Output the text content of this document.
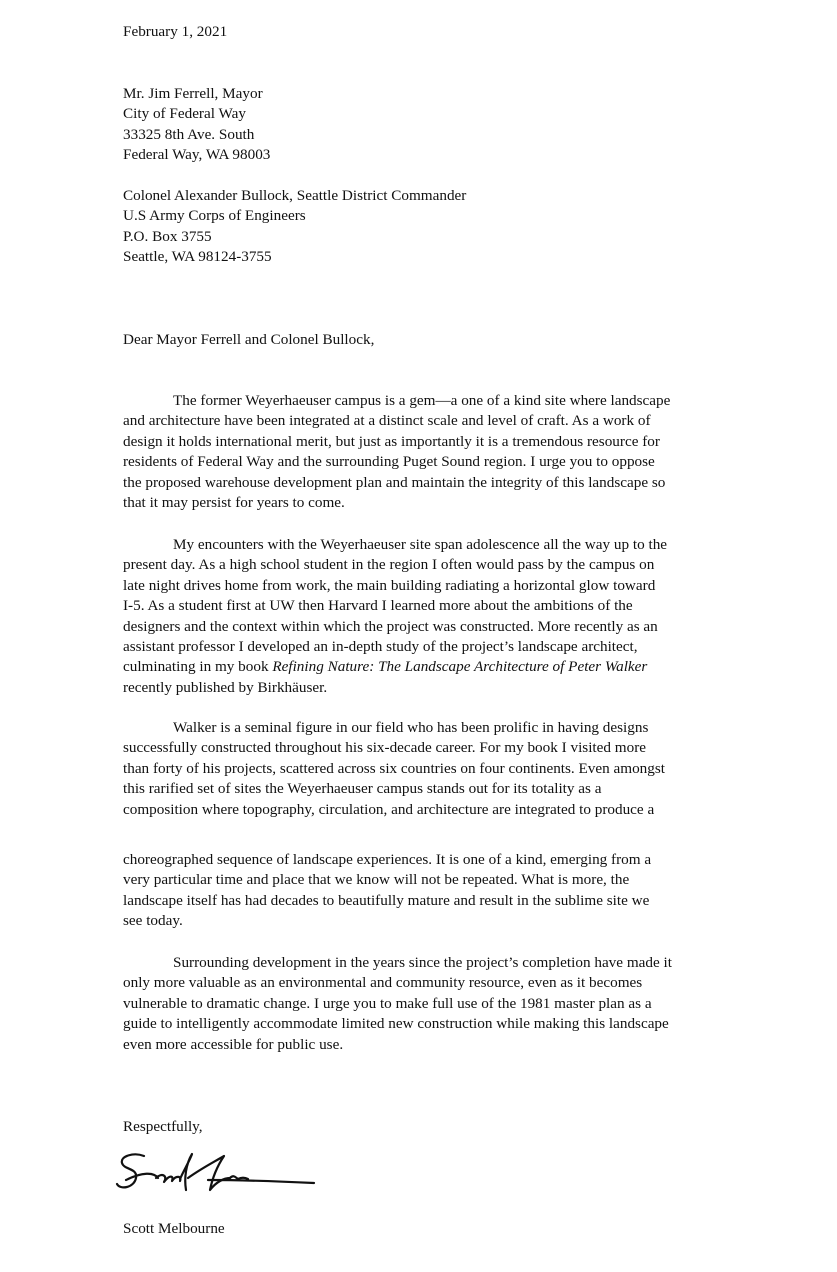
February 1, 2021
Mr. Jim Ferrell, Mayor
City of Federal Way
33325 8th Ave. South
Federal Way, WA 98003
Colonel Alexander Bullock, Seattle District Commander
U.S Army Corps of Engineers
P.O. Box 3755
Seattle, WA 98124-3755
Dear Mayor Ferrell and Colonel Bullock,
The former Weyerhaeuser campus is a gem—a one of a kind site where landscape
and architecture have been integrated at a distinct scale and level of craft. As a work of
design it holds international merit, but just as importantly it is a tremendous resource for
residents of Federal Way and the surrounding Puget Sound region. I urge you to oppose
the proposed warehouse development plan and maintain the integrity of this landscape so
that it may persist for years to come.
My encounters with the Weyerhaeuser site span adolescence all the way up to the
present day. As a high school student in the region I often would pass by the campus on
late night drives home from work, the main building radiating a horizontal glow toward
I-5. As a student first at UW then Harvard I learned more about the ambitions of the
designers and the context within which the project was constructed. More recently as an
assistant professor I developed an in-depth study of the project’s landscape architect,
culminating in my book Refining Nature: The Landscape Architecture of Peter Walker
recently published by Birkhäuser.
Walker is a seminal figure in our field who has been prolific in having designs
successfully constructed throughout his six-decade career. For my book I visited more
than forty of his projects, scattered across six countries on four continents. Even amongst
this rarified set of sites the Weyerhaeuser campus stands out for its totality as a
composition where topography, circulation, and architecture are integrated to produce a
choreographed sequence of landscape experiences. It is one of a kind, emerging from a
very particular time and place that we know will not be repeated. What is more, the
landscape itself has had decades to beautifully mature and result in the sublime site we
see today.
Surrounding development in the years since the project’s completion have made it
only more valuable as an environmental and community resource, even as it becomes
vulnerable to dramatic change. I urge you to make full use of the 1981 master plan as a
guide to intelligently accommodate limited new construction while making this landscape
even more accessible for public use.
Respectfully,
Scott Melbourne
